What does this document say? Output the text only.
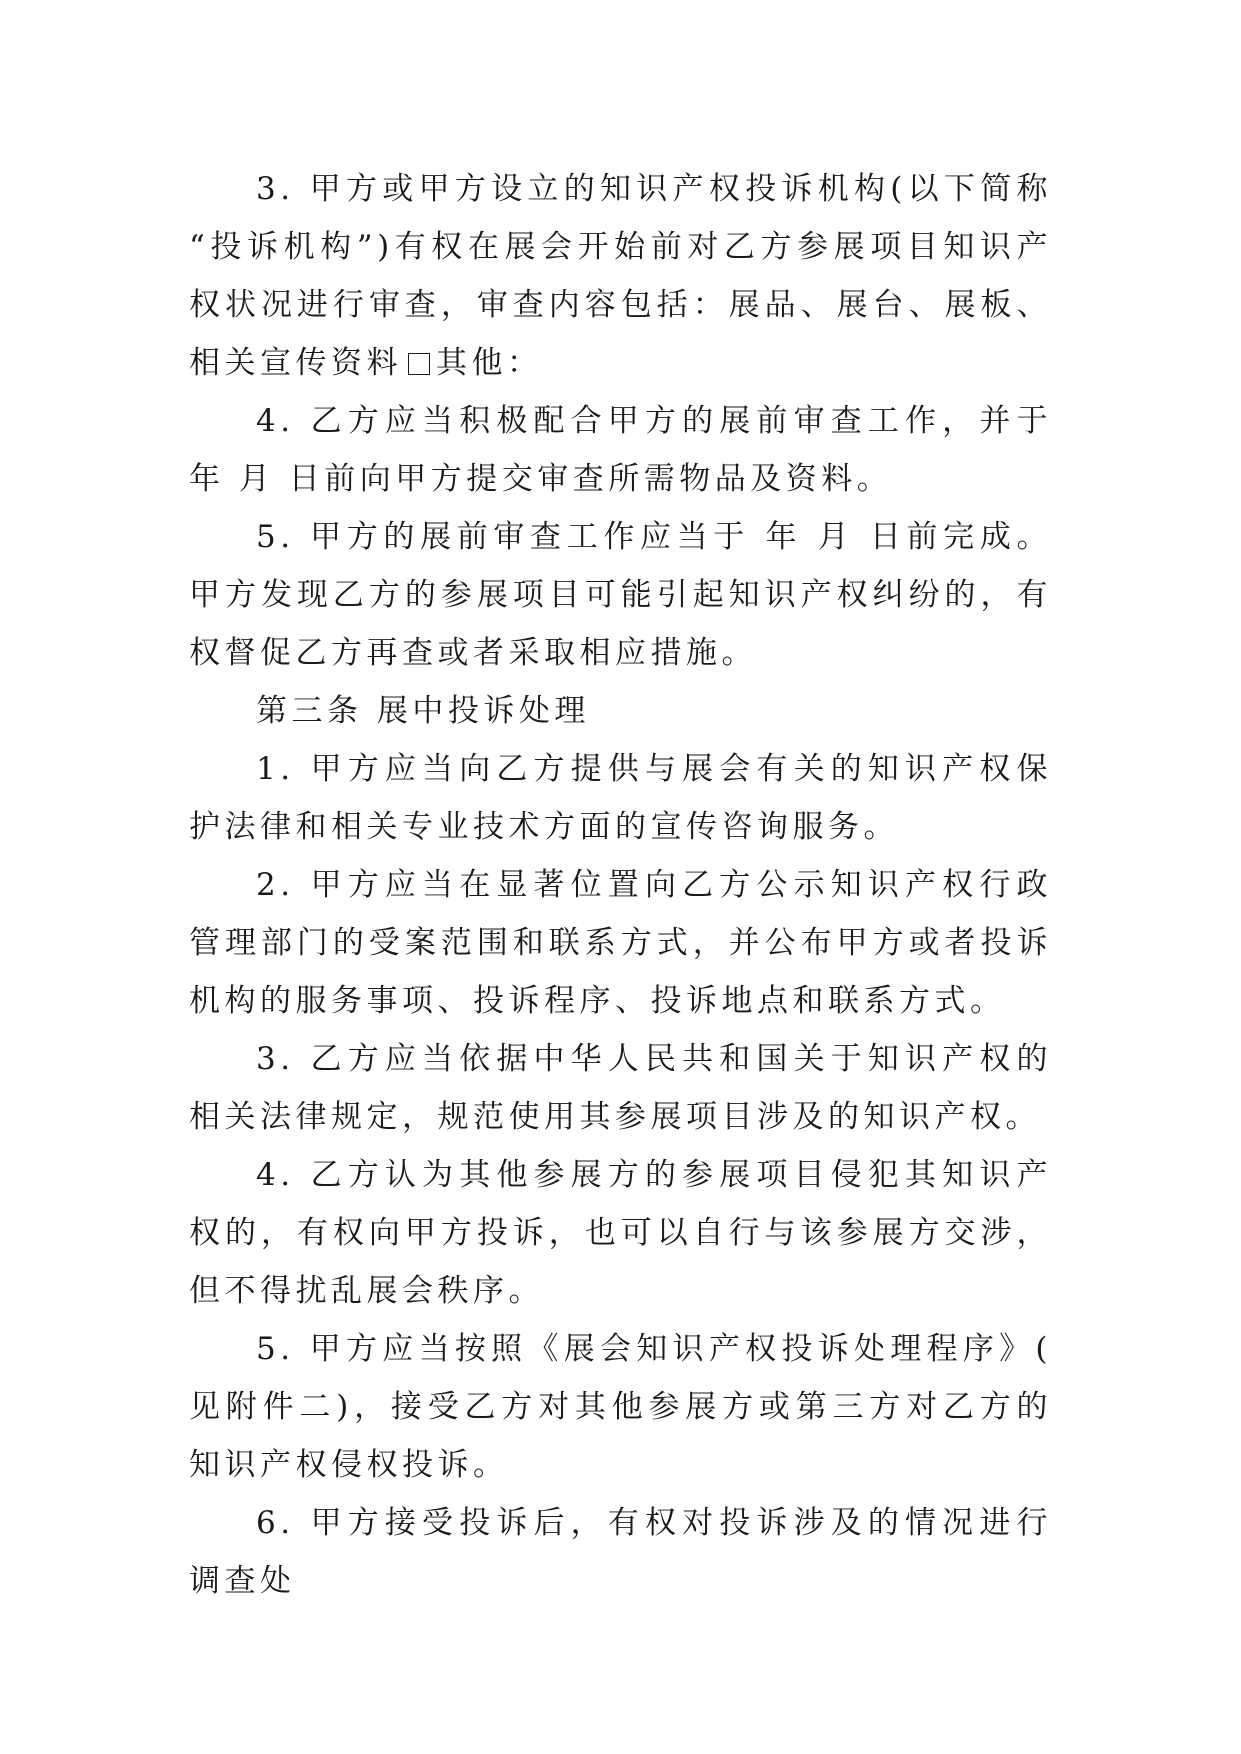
3. 甲方或甲方设立的知识产权投诉机构(以下简称“投诉机构”)有权在展会开始前对乙方参展项目知识产权状况进行审查，审查内容包括：展品、展台、展板、相关宣传资料 其他：

4. 乙方应当积极配合甲方的展前审查工作，并于 年 月 日前向甲方提交审查所需物品及资料。

5. 甲方的展前审查工作应当于 年 月 日前完成。甲方发现乙方的参展项目可能引起知识产权纠纷的，有权督促乙方再查或者采取相应措施。

第三条 展中投诉处理

1. 甲方应当向乙方提供与展会有关的知识产权保护法律和相关专业技术方面的宣传咨询服务。

2. 甲方应当在显著位置向乙方公示知识产权行政管理部门的受案范围和联系方式，并公布甲方或者投诉机构的服务事项、投诉程序、投诉地点和联系方式。

3. 乙方应当依据中华人民共和国关于知识产权的相关法律规定，规范使用其参展项目涉及的知识产权。

4. 乙方认为其他参展方的参展项目侵犯其知识产权的，有权向甲方投诉，也可以自行与该参展方交涉，但不得扰乱展会秩序。

5. 甲方应当按照《展会知识产权投诉处理程序》(见附件二)，接受乙方对其他参展方或第三方对乙方的知识产权侵权投诉。

6. 甲方接受投诉后，有权对投诉涉及的情况进行调查处
